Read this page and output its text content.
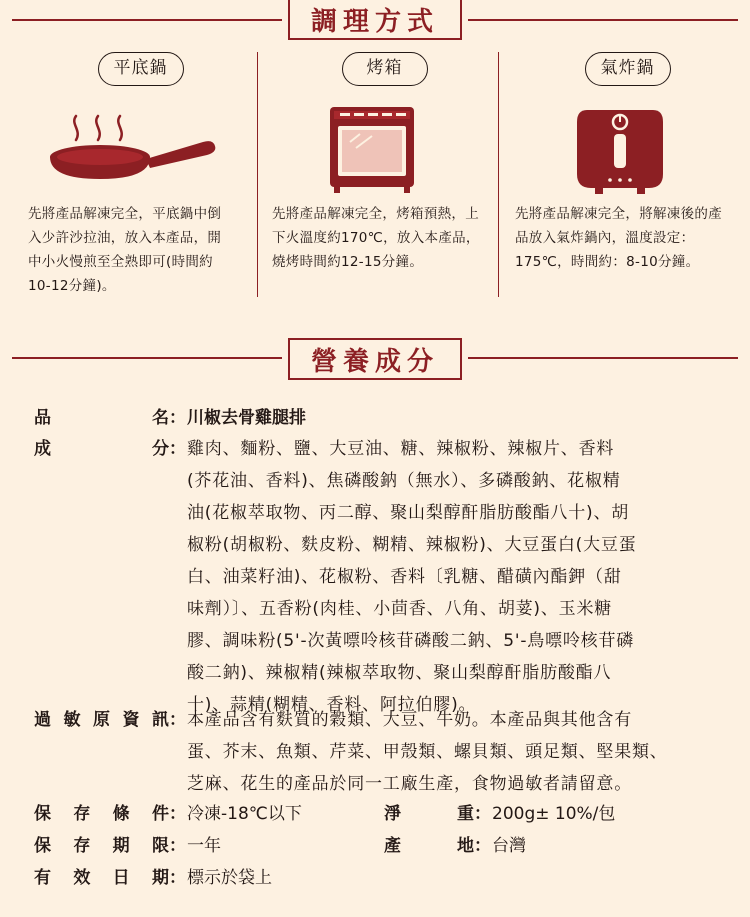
調理方式
平底鍋
先將產品解凍完全，平底鍋中倒入少許沙拉油，放入本產品，開中小火慢煎至全熟即可(時間約10-12分鐘)。
烤箱
先將產品解凍完全，烤箱預熱，上下火溫度約170℃，放入本產品，燒烤時間約12-15分鐘。
氣炸鍋
先將產品解凍完全，將解凍後的產品放入氣炸鍋內，溫度設定：175℃，時間約：8-10分鐘。
營養成分
品	名 ： 川椒去骨雞腿排
成	分 ： 雞肉、麵粉、鹽、大豆油、糖、辣椒粉、辣椒片、香料
(芥花油、香料)、焦磷酸鈉（無水）、多磷酸鈉、花椒精
油(花椒萃取物、丙二醇、聚山梨醇酐脂肪酸酯八十)、胡
椒粉(胡椒粉、麩皮粉、糊精、辣椒粉)、大豆蛋白(大豆蛋
白、油菜籽油)、花椒粉、香料〔乳糖、醋磺內酯鉀（甜
味劑）〕、五香粉(肉桂、小茴香、八角、胡荽)、玉米糖
膠、調味粉(5'-次黃嘌呤核苷磷酸二鈉、5'-鳥嘌呤核苷磷
酸二鈉)、辣椒精(辣椒萃取物、聚山梨醇酐脂肪酸酯八
十)、蒜精(糊精、香料、阿拉伯膠)。
過 敏 原 資 訊 ： 本產品含有麩質的穀類、大豆、牛奶。本產品與其他含有
蛋、芥末、魚類、芹菜、甲殼類、螺貝類、頭足類、堅果類、
芝麻、花生的產品於同一工廠生產，食物過敏者請留意。
保 存 條 件 ： 冷凍-18℃以下	淨	重 ： 200g± 10%/包
保 存 期 限 ： 一年	產	地 ： 台灣
有 效 日 期 ： 標示於袋上
